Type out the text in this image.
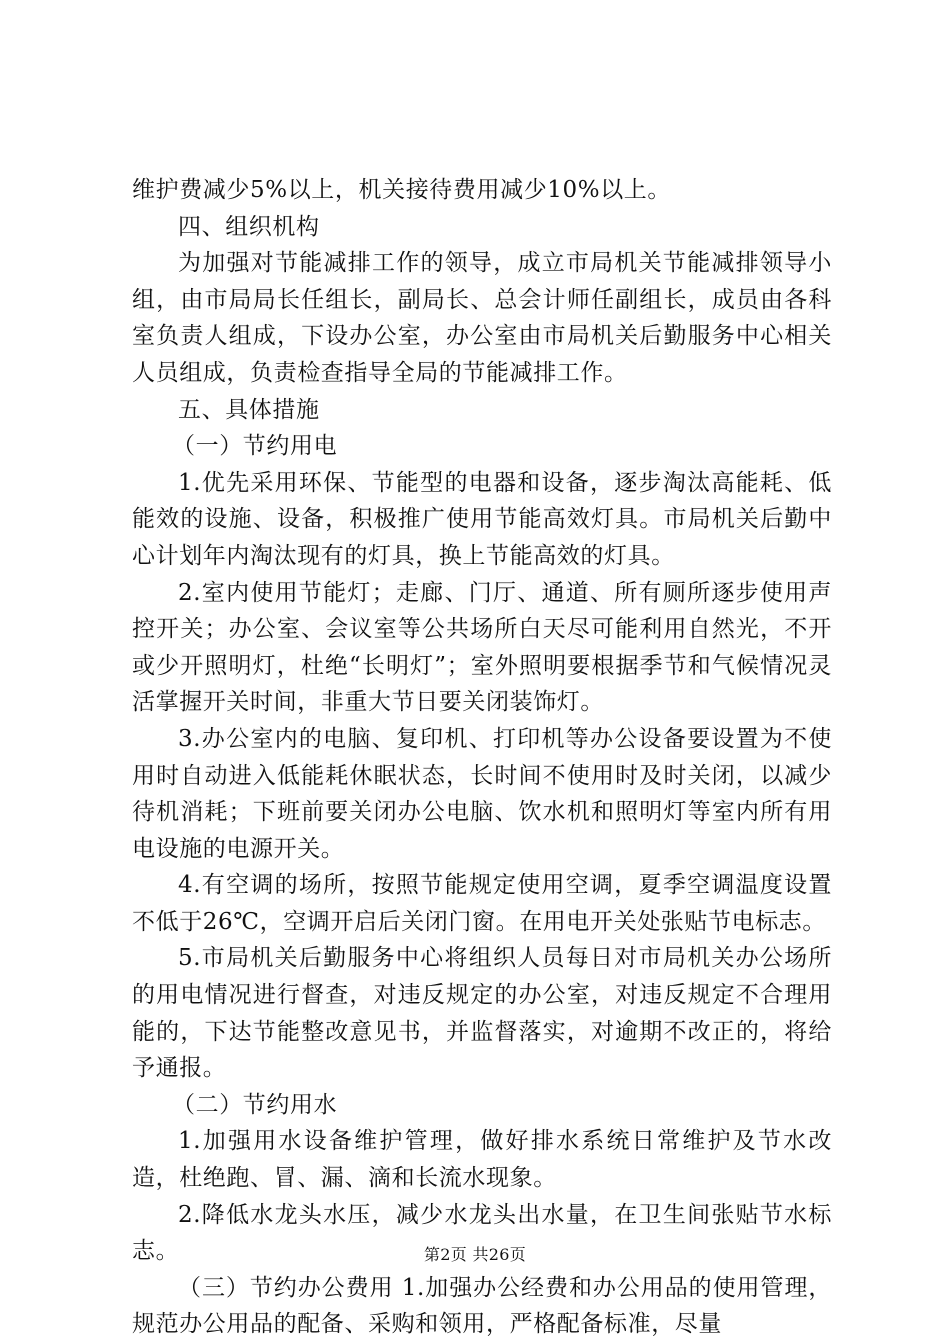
维护费减少5%以上，机关接待费用减少10%以上。

四、组织机构

为加强对节能减排工作的领导，成立市局机关节能减排领导小组，由市局局长任组长，副局长、总会计师任副组长，成员由各科室负责人组成，下设办公室，办公室由市局机关后勤服务中心相关人员组成，负责检查指导全局的节能减排工作。

五、具体措施

（一）节约用电

1.优先采用环保、节能型的电器和设备，逐步淘汰高能耗、低能效的设施、设备，积极推广使用节能高效灯具。市局机关后勤中心计划年内淘汰现有的灯具，换上节能高效的灯具。

2.室内使用节能灯；走廊、门厅、通道、所有厕所逐步使用声控开关；办公室、会议室等公共场所白天尽可能利用自然光，不开或少开照明灯，杜绝“长明灯”；室外照明要根据季节和气候情况灵活掌握开关时间，非重大节日要关闭装饰灯。

3.办公室内的电脑、复印机、打印机等办公设备要设置为不使用时自动进入低能耗休眠状态，长时间不使用时及时关闭，以减少待机消耗；下班前要关闭办公电脑、饮水机和照明灯等室内所有用电设施的电源开关。

4.有空调的场所，按照节能规定使用空调，夏季空调温度设置不低于26℃，空调开启后关闭门窗。在用电开关处张贴节电标志。

5.市局机关后勤服务中心将组织人员每日对市局机关办公场所的用电情况进行督查，对违反规定的办公室，对违反规定不合理用能的，下达节能整改意见书，并监督落实，对逾期不改正的，将给予通报。

（二）节约用水

1.加强用水设备维护管理，做好排水系统日常维护及节水改造，杜绝跑、冒、漏、滴和长流水现象。

2.降低水龙头水压，减少水龙头出水量，在卫生间张贴节水标志。

（三）节约办公费用 1.加强办公经费和办公用品的使用管理，规范办公用品的配备、采购和领用，严格配备标准，尽量

第2页 共26页
